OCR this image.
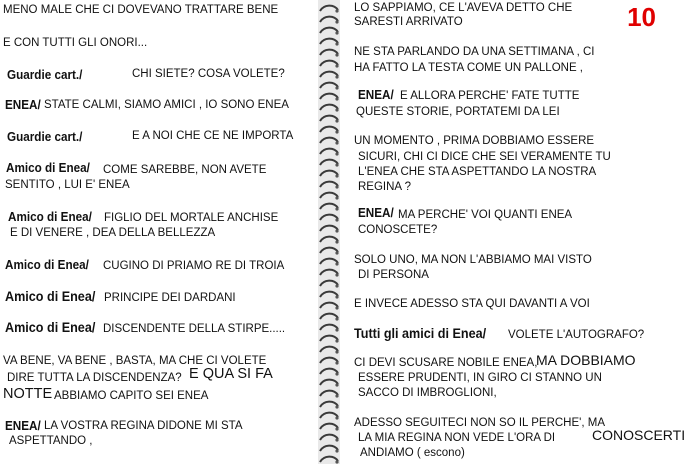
MENO MALE CHE CI DOVEVANO TRATTARE BENE
E CON TUTTI GLI ONORI...
Guardie cart./	CHI SIETE? COSA VOLETE?
ENEA/ STATE CALMI, SIAMO AMICI , IO SONO ENEA
Guardie cart./	E A NOI CHE CE NE IMPORTA
Amico di Enea/ COME SAREBBE, NON AVETE
SENTITO , LUI E' ENEA
Amico di Enea/ FIGLIO DEL MORTALE ANCHISE
E DI VENERE , DEA DELLA BELLEZZA
Amico di Enea/ CUGINO DI PRIAMO RE DI TROIA
Amico di Enea/ PRINCIPE DEI DARDANI
Amico di Enea/ DISCENDENTE DELLA STIRPE.....
VA BENE, VA BENE , BASTA, MA CHE CI VOLETE
DIRE TUTTA LA DISCENDENZA? E QUA SI FA
NOTTE ABBIAMO CAPITO SEI ENEA
ENEA/ LA VOSTRA REGINA DIDONE MI STA
ASPETTANDO ,
10
LO SAPPIAMO, CE L'AVEVA DETTO CHE
SARESTI ARRIVATO
NE STA PARLANDO DA UNA SETTIMANA , CI
HA FATTO LA TESTA COME UN PALLONE ,
ENEA/ E ALLORA PERCHE' FATE TUTTE
QUESTE STORIE, PORTATEMI DA LEI
UN MOMENTO , PRIMA DOBBIAMO ESSERE
SICURI, CHI CI DICE CHE SEI VERAMENTE TU
L'ENEA CHE STA ASPETTANDO LA NOSTRA
REGINA ?
ENEA/ MA PERCHE' VOI QUANTI ENEA
CONOSCETE?
SOLO UNO, MA NON L'ABBIAMO MAI VISTO
DI PERSONA
E INVECE ADESSO STA QUI DAVANTI A VOI
Tutti gli amici di Enea/ VOLETE L'AUTOGRAFO?
CI DEVI SCUSARE NOBILE ENEA,
MA DOBBIAMO
ESSERE PRUDENTI, IN GIRO CI STANNO UN
SACCO DI IMBROGLIONI,
ADESSO SEGUITECI NON SO IL PERCHE', MA
LA MIA REGINA NON VEDE L'ORA DI	CONOSCERTI
ANDIAMO ( escono)
